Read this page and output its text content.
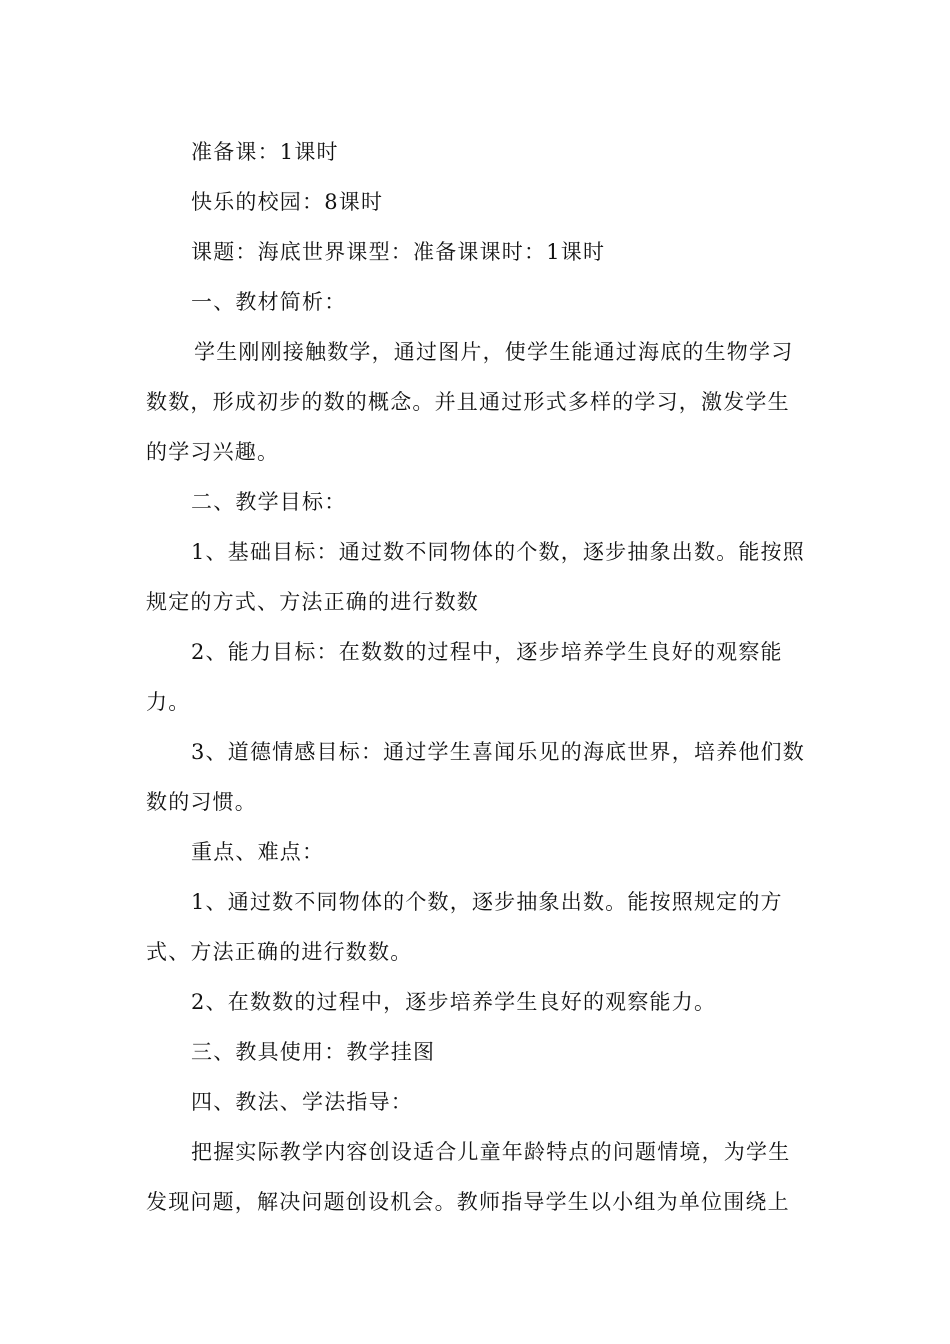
准备课：1课时
快乐的校园：8课时
课题：海底世界课型：准备课课时：1课时
一、教材简析：
学生刚刚接触数学，通过图片，使学生能通过海底的生物学习
数数，形成初步的数的概念。并且通过形式多样的学习，激发学生
的学习兴趣。
二、教学目标：
1、基础目标：通过数不同物体的个数，逐步抽象出数。能按照
规定的方式、方法正确的进行数数
2、能力目标：在数数的过程中，逐步培养学生良好的观察能
力。
3、道德情感目标：通过学生喜闻乐见的海底世界，培养他们数
数的习惯。
重点、难点：
1、通过数不同物体的个数，逐步抽象出数。能按照规定的方
式、方法正确的进行数数。
2、在数数的过程中，逐步培养学生良好的观察能力。
三、教具使用：教学挂图
四、教法、学法指导：
把握实际教学内容创设适合儿童年龄特点的问题情境，为学生
发现问题，解决问题创设机会。教师指导学生以小组为单位围绕上
